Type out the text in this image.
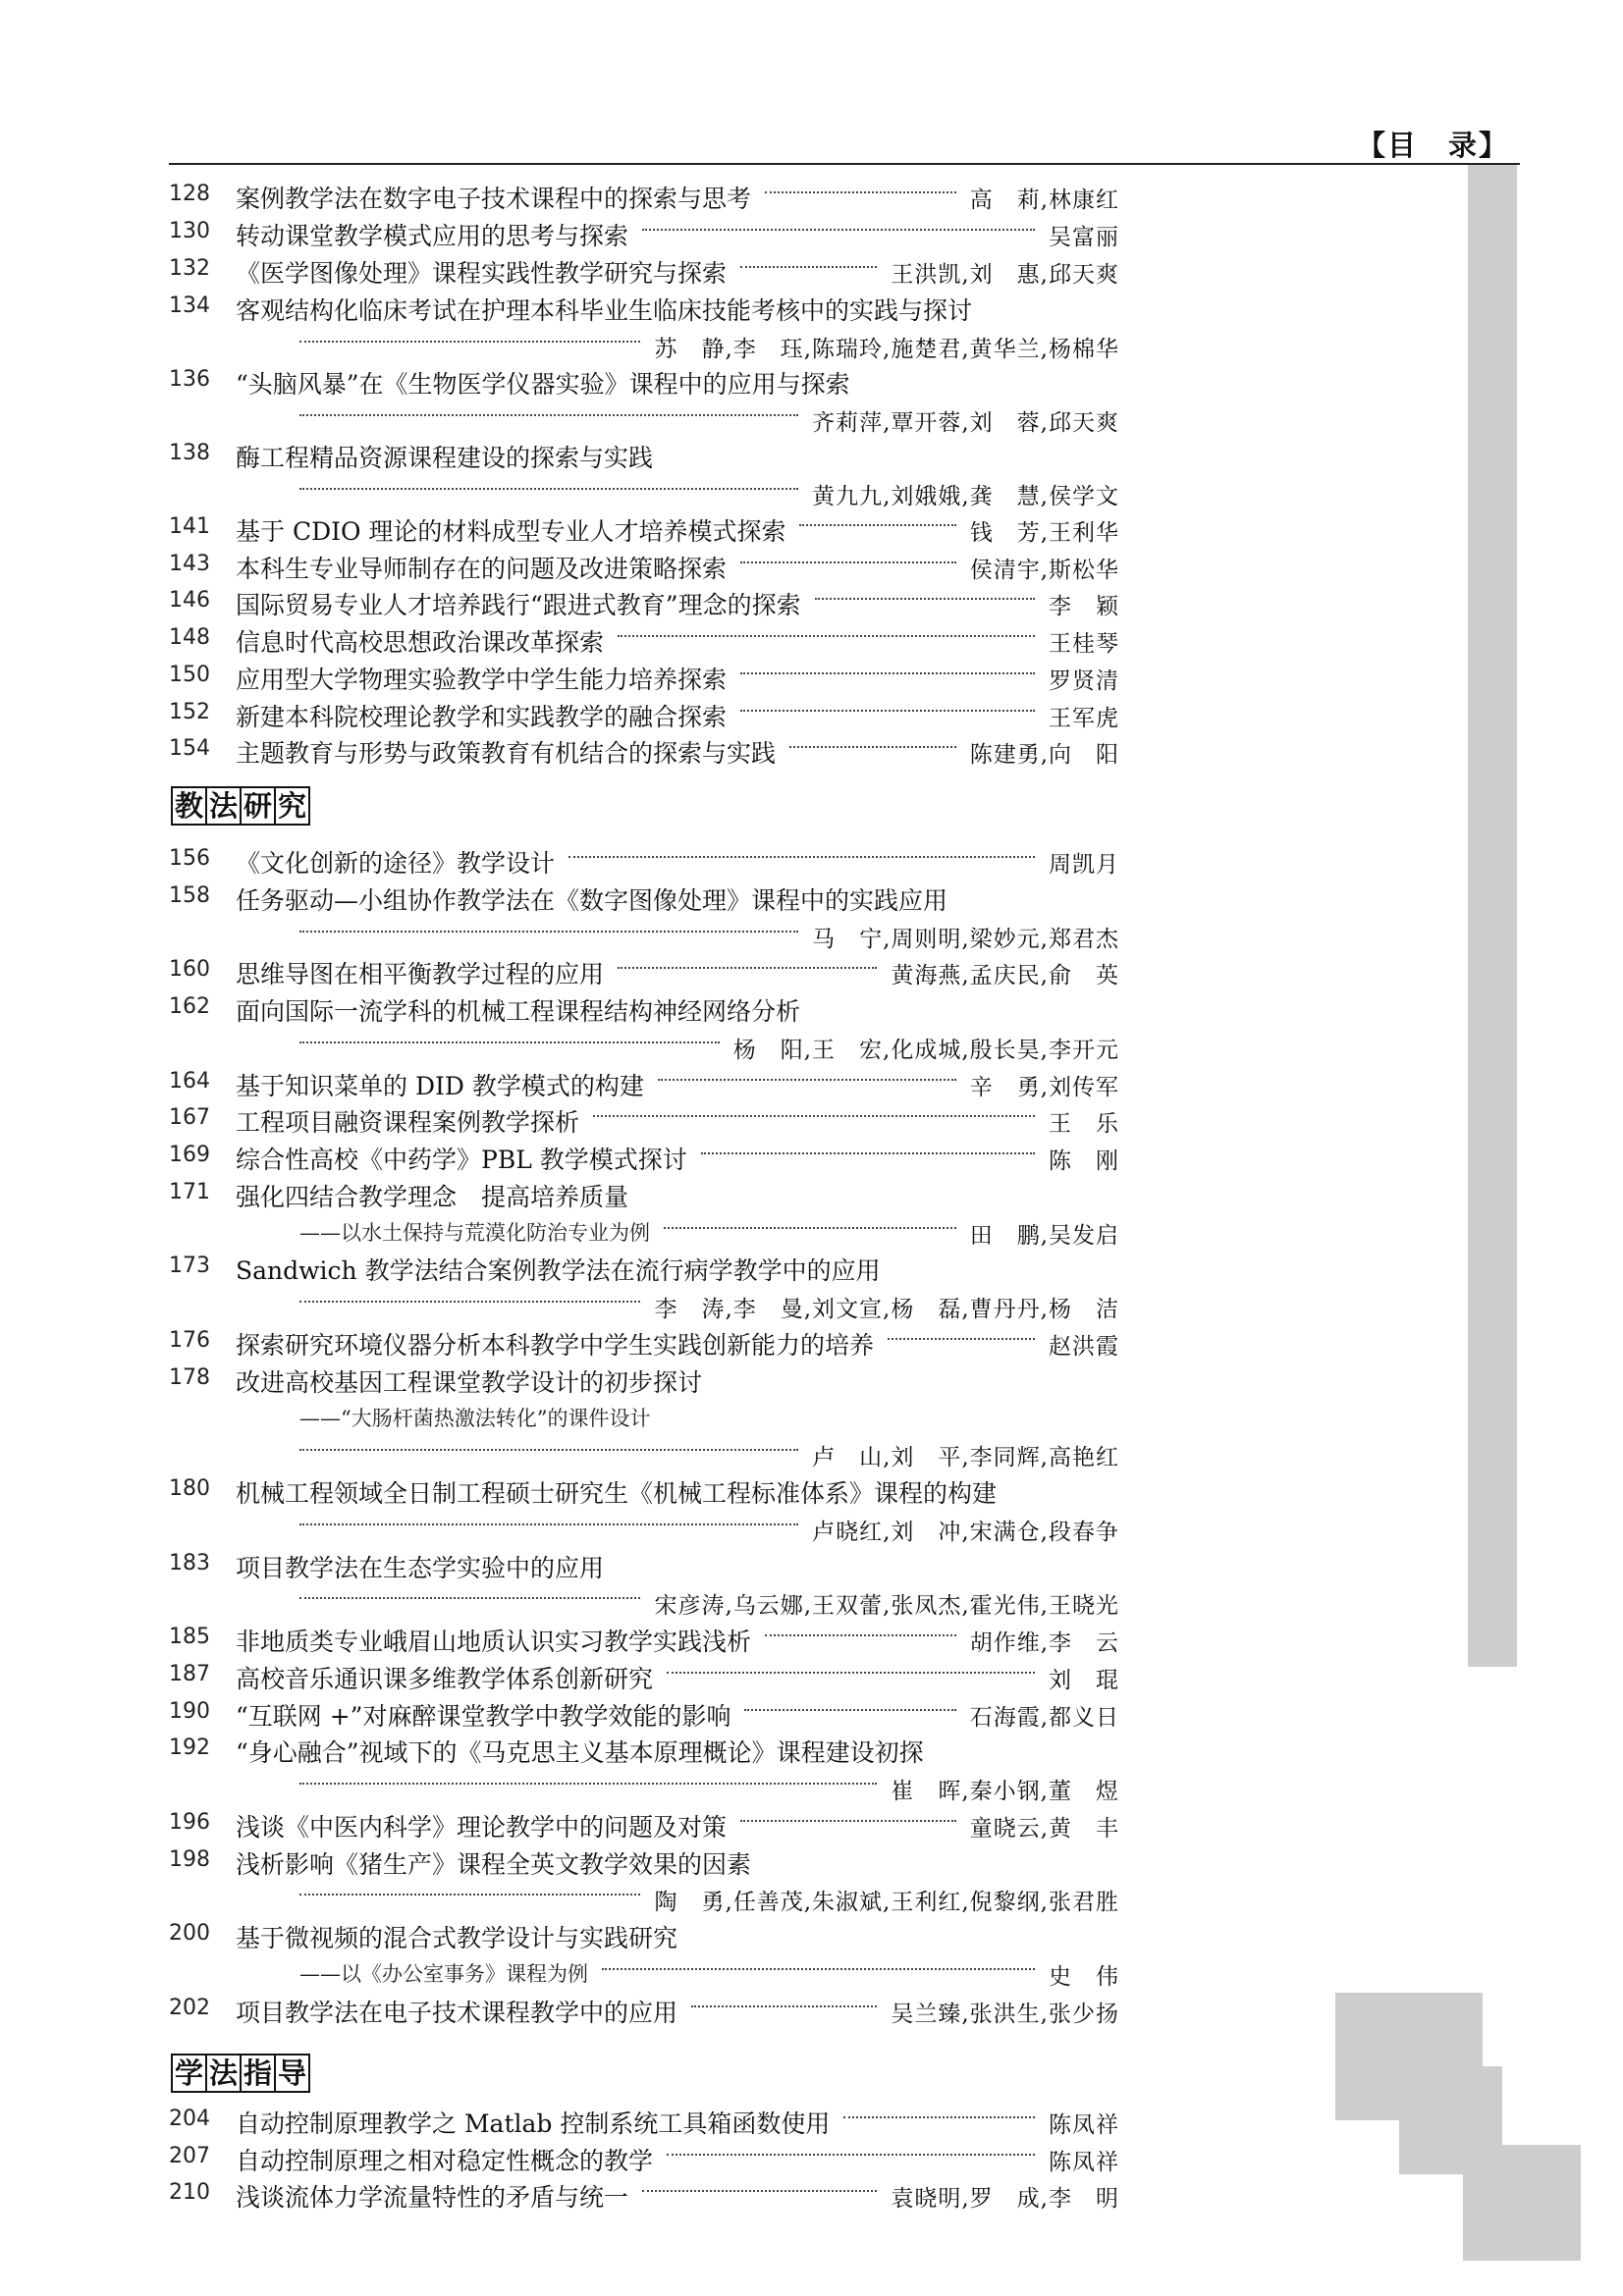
【目　录】
128 案例教学法在数字电子技术课程中的探索与思考	高　莉,林康红
130 转动课堂教学模式应用的思考与探索	吴富丽
132 《医学图像处理》课程实践性教学研究与探索	王洪凯,刘　惠,邱天爽
134 客观结构化临床考试在护理本科毕业生临床技能考核中的实践与探讨
苏　静,李　珏,陈瑞玲,施楚君,黄华兰,杨棉华
136 “头脑风暴”在《生物医学仪器实验》课程中的应用与探索
齐莉萍,覃开蓉,刘　蓉,邱天爽
138 酶工程精品资源课程建设的探索与实践
黄九九,刘娥娥,龚　慧,侯学文
141 基于 CDIO 理论的材料成型专业人才培养模式探索	钱　芳,王利华
143 本科生专业导师制存在的问题及改进策略探索	侯清宇,斯松华
146 国际贸易专业人才培养践行“跟进式教育”理念的探索	李　颖
148 信息时代高校思想政治课改革探索	王桂琴
150 应用型大学物理实验教学中学生能力培养探索	罗贤清
152 新建本科院校理论教学和实践教学的融合探索	王军虎
154 主题教育与形势与政策教育有机结合的探索与实践	陈建勇,向　阳
教 法 研 究
156 《文化创新的途径》教学设计	周凯月
158 任务驱动—小组协作教学法在《数字图像处理》课程中的实践应用
马　宁,周则明,梁妙元,郑君杰
160 思维导图在相平衡教学过程的应用	黄海燕,孟庆民,俞　英
162 面向国际一流学科的机械工程课程结构神经网络分析
杨　阳,王　宏,化成城,殷长昊,李开元
164 基于知识菜单的 DID 教学模式的构建	辛　勇,刘传军
167 工程项目融资课程案例教学探析	王　乐
169 综合性高校《中药学》PBL 教学模式探讨	陈　刚
171 强化四结合教学理念　提高培养质量
——以水土保持与荒漠化防治专业为例	田　鹏,吴发启
173 Sandwich 教学法结合案例教学法在流行病学教学中的应用
李　涛,李　曼,刘文宣,杨　磊,曹丹丹,杨　洁
176 探索研究环境仪器分析本科教学中学生实践创新能力的培养	赵洪霞
178 改进高校基因工程课堂教学设计的初步探讨
——“大肠杆菌热激法转化”的课件设计
卢　山,刘　平,李同辉,高艳红
180 机械工程领域全日制工程硕士研究生《机械工程标准体系》课程的构建
卢晓红,刘　冲,宋满仓,段春争
183 项目教学法在生态学实验中的应用
宋彦涛,乌云娜,王双蕾,张凤杰,霍光伟,王晓光
185 非地质类专业峨眉山地质认识实习教学实践浅析	胡作维,李　云
187 高校音乐通识课多维教学体系创新研究	刘　琨
190 “互联网 +”对麻醉课堂教学中教学效能的影响	石海霞,都义日
192 “身心融合”视域下的《马克思主义基本原理概论》课程建设初探
崔　晖,秦小钢,董　煜
196 浅谈《中医内科学》理论教学中的问题及对策	童晓云,黄　丰
198 浅析影响《猪生产》课程全英文教学效果的因素
陶　勇,任善茂,朱淑斌,王利红,倪黎纲,张君胜
200 基于微视频的混合式教学设计与实践研究
——以《办公室事务》课程为例	史　伟
202 项目教学法在电子技术课程教学中的应用	吴兰臻,张洪生,张少扬
学 法 指 导
204 自动控制原理教学之 Matlab 控制系统工具箱函数使用	陈凤祥
207 自动控制原理之相对稳定性概念的教学	陈凤祥
210 浅谈流体力学流量特性的矛盾与统一	袁晓明,罗　成,李　明
